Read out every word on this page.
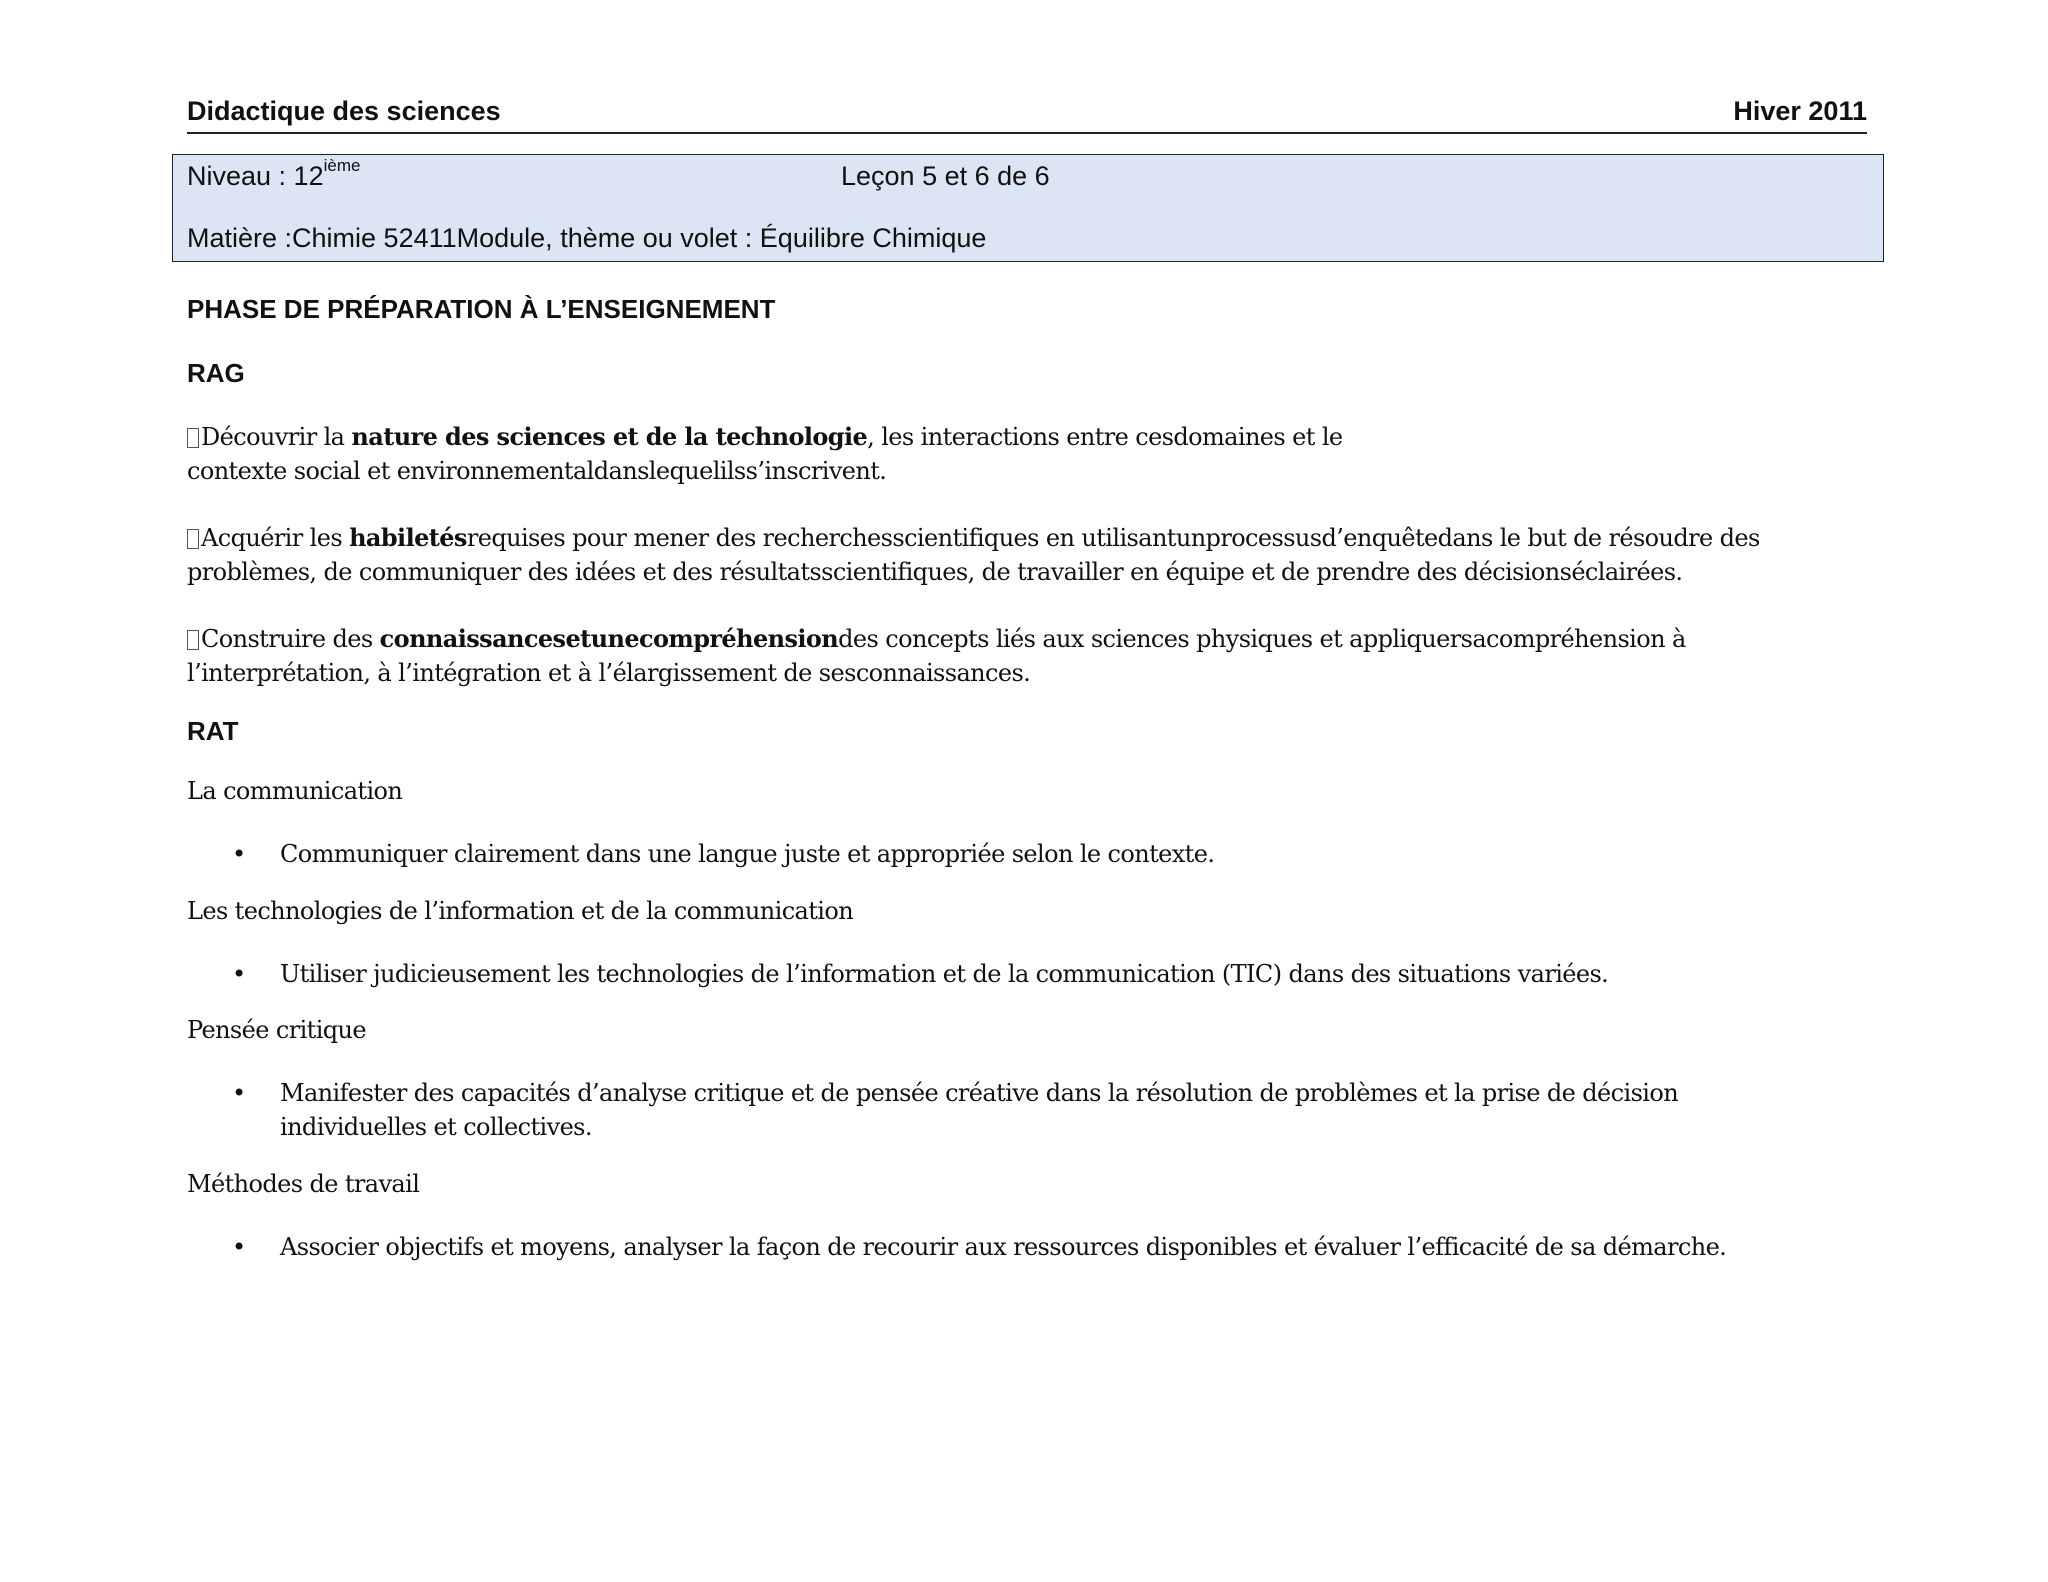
Didactique des sciences	Hiver 2011
Niveau : 12ième	Leçon 5 et 6 de 6
Matière :Chimie 52411Module, thème ou volet : Équilibre Chimique
PHASE DE PRÉPARATION À L’ENSEIGNEMENT
RAG
Découvrir la nature des sciences et de la technologie, les interactions entre cesdomaines et le
contexte social et environnementaldanslequelilss’inscrivent.
Acquérir les habiletésrequises pour mener des recherchesscientifiques en utilisantunprocessusd’enquêtedans le but de résoudre des
problèmes, de communiquer des idées et des résultatsscientifiques, de travailler en équipe et de prendre des décisionséclairées.
Construire des connaissancesetunecompréhensiondes concepts liés aux sciences physiques et appliquersacompréhension à
l’interprétation, à l’intégration et à l’élargissement de sesconnaissances.
RAT
La communication
• Communiquer clairement dans une langue juste et appropriée selon le contexte.
Les technologies de l’information et de la communication
• Utiliser judicieusement les technologies de l’information et de la communication (TIC) dans des situations variées.
Pensée critique
• Manifester des capacités d’analyse critique et de pensée créative dans la résolution de problèmes et la prise de décision
individuelles et collectives.
Méthodes de travail
• Associer objectifs et moyens, analyser la façon de recourir aux ressources disponibles et évaluer l’efficacité de sa démarche.
